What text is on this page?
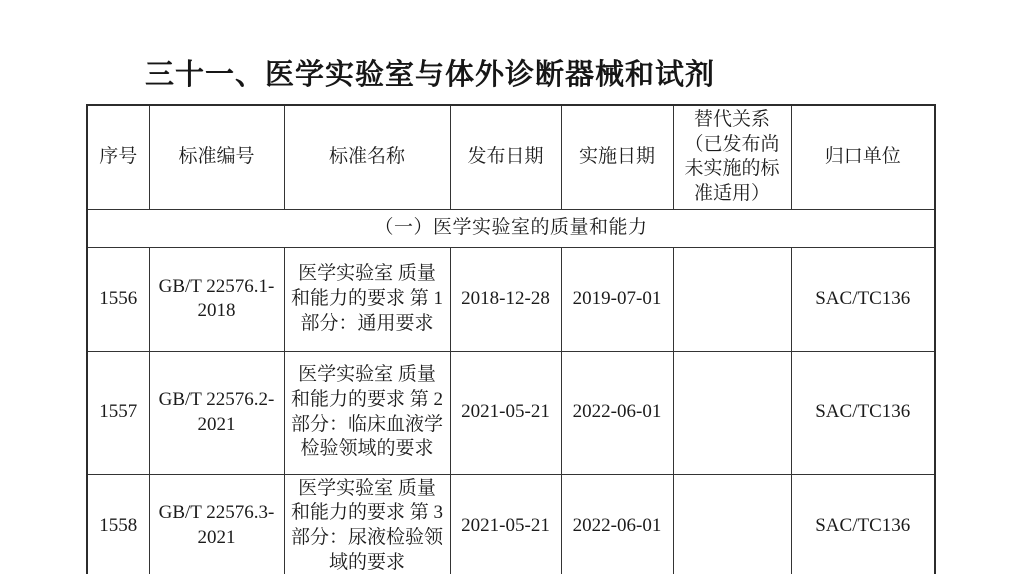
三十一、医学实验室与体外诊断器械和试剂
序号	标准编号	标准名称	发布日期	实施日期	替代关系（已发布尚未实施的标准适用）	归口单位
（一）医学实验室的质量和能力						
1556	GB/T 22576.1-2018	医学实验室 质量和能力的要求 第 1 部分：通用要求	2018-12-28	2019-07-01		SAC/TC136
1557	GB/T 22576.2-2021	医学实验室 质量和能力的要求 第 2 部分：临床血液学检验领域的要求	2021-05-21	2022-06-01		SAC/TC136
1558	GB/T 22576.3-2021	医学实验室 质量和能力的要求 第 3 部分：尿液检验领域的要求	2021-05-21	2022-06-01		SAC/TC136
